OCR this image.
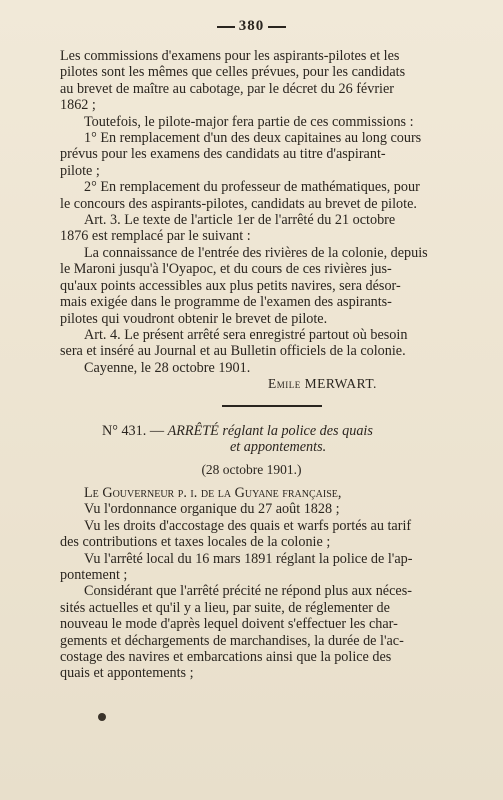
380

Les commissions d'examens pour les aspirants-pilotes et les

pilotes sont les mêmes que celles prévues, pour les candidats

au brevet de maître au cabotage, par le décret du 26 février

1862 ;

Toutefois, le pilote-major fera partie de ces commissions :

1° En remplacement d'un des deux capitaines au long cours

prévus pour les examens des candidats au titre d'aspirant-

pilote ;

2° En remplacement du professeur de mathématiques, pour

le concours des aspirants-pilotes, candidats au brevet de pilote.

Art. 3. Le texte de l'article 1er de l'arrêté du 21 octobre

1876 est remplacé par le suivant :

La connaissance de l'entrée des rivières de la colonie, depuis

le Maroni jusqu'à l'Oyapoc, et du cours de ces rivières jus-

qu'aux points accessibles aux plus petits navires, sera désor-

mais exigée dans le programme de l'examen des aspirants-

pilotes qui voudront obtenir le brevet de pilote.

Art. 4. Le présent arrêté sera enregistré partout où besoin

sera et inséré au Journal et au Bulletin officiels de la colonie.

Cayenne, le 28 octobre 1901.

Emile MERWART.
N° 431. — ARRÊTÉ réglant la police des quais
et appontements.
(28 octobre 1901.)

Le Gouverneur p. i. de la Guyane française,

Vu l'ordonnance organique du 27 août 1828 ;

Vu les droits d'accostage des quais et warfs portés au tarif

des contributions et taxes locales de la colonie ;

Vu l'arrêté local du 16 mars 1891 réglant la police de l'ap-

pontement ;

Considérant que l'arrêté précité ne répond plus aux néces-

sités actuelles et qu'il y a lieu, par suite, de réglementer de

nouveau le mode d'après lequel doivent s'effectuer les char-

gements et déchargements de marchandises, la durée de l'ac-

costage des navires et embarcations ainsi que la police des

quais et appontements ;
